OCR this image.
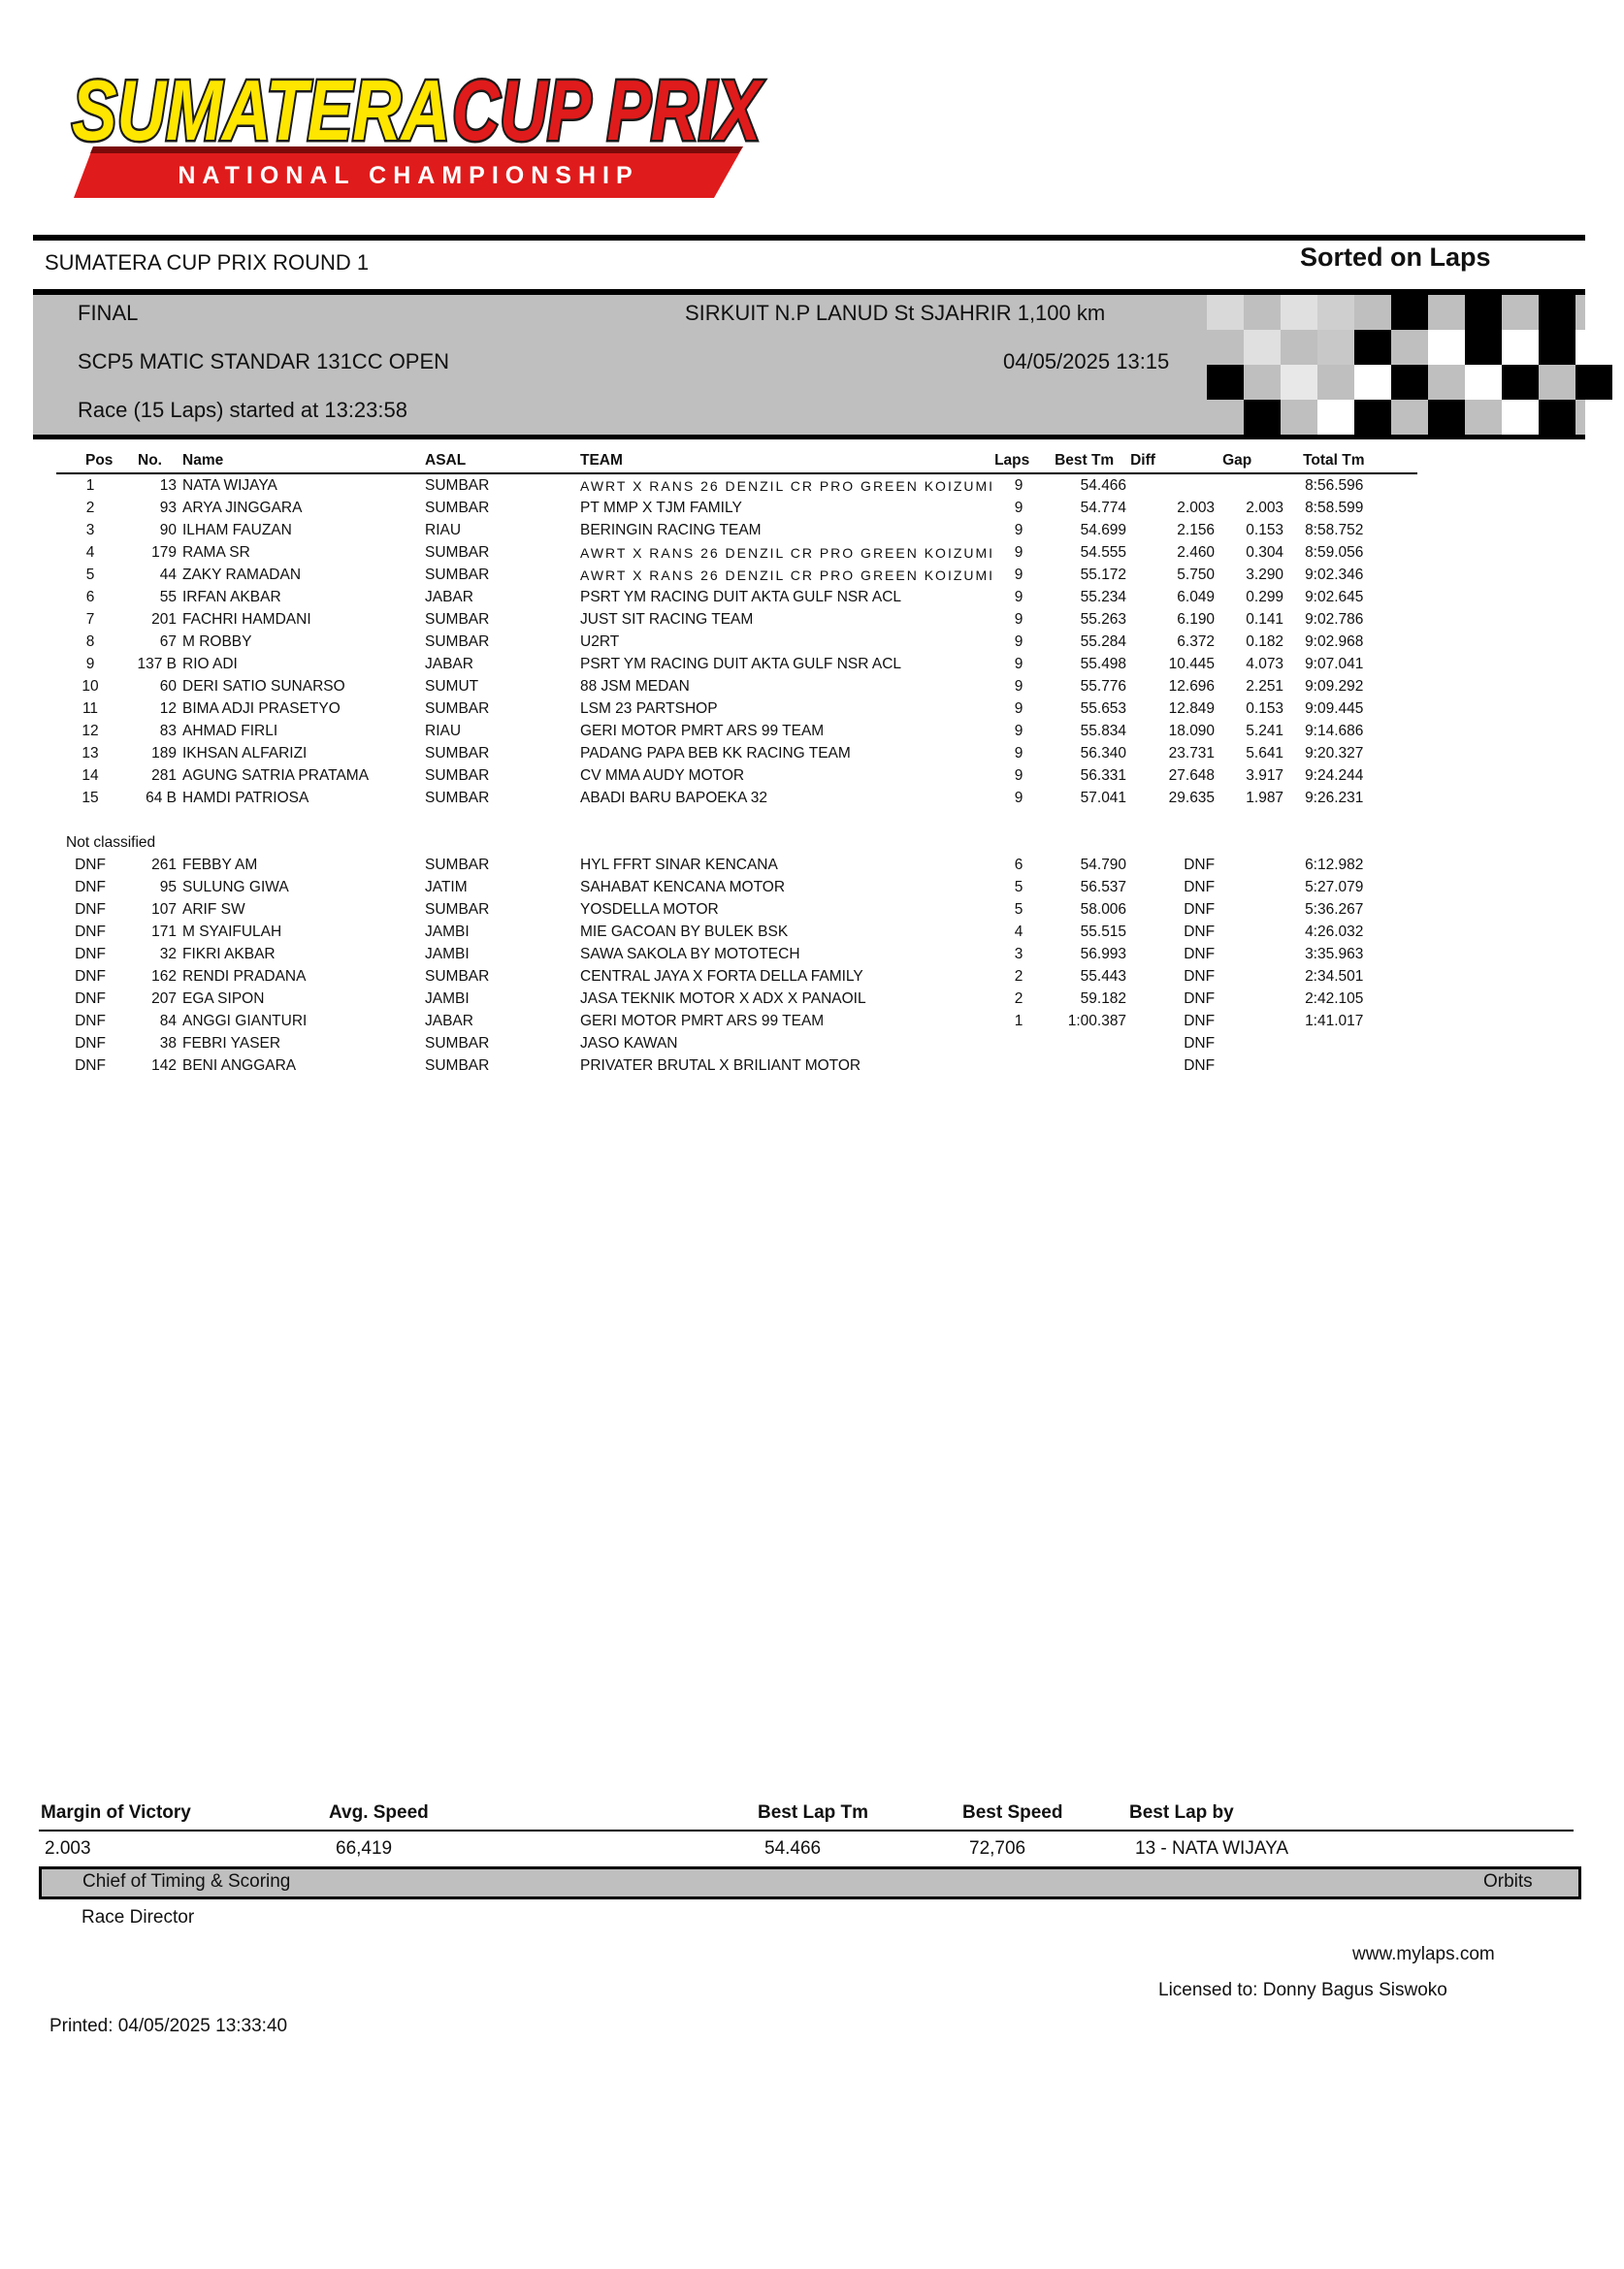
NATIONAL CHAMPIONSHIP
SUMATERA CUP PRIX
SUMATERA CUP PRIX ROUND 1	Sorted on Laps
FINAL	SIRKUIT N.P LANUD St SJAHRIR 1,100 km
SCP5 MATIC STANDAR 131CC OPEN	04/05/2025 13:15
Race (15 Laps) started at 13:23:58
Pos	No.	Name	ASAL	TEAM	Laps	Best Tm	Diff	Gap	Total Tm
1	13	NATA WIJAYA	SUMBAR	AWRT X RANS 26 DENZIL CR PRO GREEN KOIZUMI	9	54.466			8:56.596
2	93	ARYA JINGGARA	SUMBAR	PT MMP X TJM FAMILY	9	54.774	2.003	2.003	8:58.599
3	90	ILHAM FAUZAN	RIAU	BERINGIN RACING TEAM	9	54.699	2.156	0.153	8:58.752
4	179	RAMA SR	SUMBAR	AWRT X RANS 26 DENZIL CR PRO GREEN KOIZUMI	9	54.555	2.460	0.304	8:59.056
5	44	ZAKY RAMADAN	SUMBAR	AWRT X RANS 26 DENZIL CR PRO GREEN KOIZUMI	9	55.172	5.750	3.290	9:02.346
6	55	IRFAN AKBAR	JABAR	PSRT YM RACING DUIT AKTA GULF NSR ACL	9	55.234	6.049	0.299	9:02.645
7	201	FACHRI HAMDANI	SUMBAR	JUST SIT RACING TEAM	9	55.263	6.190	0.141	9:02.786
8	67	M ROBBY	SUMBAR	U2RT	9	55.284	6.372	0.182	9:02.968
9	137 B	RIO ADI	JABAR	PSRT YM RACING DUIT AKTA GULF NSR ACL	9	55.498	10.445	4.073	9:07.041
10	60	DERI SATIO SUNARSO	SUMUT	88 JSM MEDAN	9	55.776	12.696	2.251	9:09.292
11	12	BIMA ADJI PRASETYO	SUMBAR	LSM 23 PARTSHOP	9	55.653	12.849	0.153	9:09.445
12	83	AHMAD FIRLI	RIAU	GERI MOTOR PMRT ARS 99 TEAM	9	55.834	18.090	5.241	9:14.686
13	189	IKHSAN ALFARIZI	SUMBAR	PADANG PAPA BEB KK RACING TEAM	9	56.340	23.731	5.641	9:20.327
14	281	AGUNG SATRIA PRATAMA	SUMBAR	CV MMA AUDY MOTOR	9	56.331	27.648	3.917	9:24.244
15	64 B	HAMDI PATRIOSA	SUMBAR	ABADI BARU BAPOEKA 32	9	57.041	29.635	1.987	9:26.231

Not classified									
DNF	261	FEBBY AM	SUMBAR	HYL FFRT SINAR KENCANA	6	54.790	DNF		6:12.982
DNF	95	SULUNG GIWA	JATIM	SAHABAT KENCANA MOTOR	5	56.537	DNF		5:27.079
DNF	107	ARIF SW	SUMBAR	YOSDELLA MOTOR	5	58.006	DNF		5:36.267
DNF	171	M SYAIFULAH	JAMBI	MIE GACOAN BY BULEK BSK	4	55.515	DNF		4:26.032
DNF	32	FIKRI AKBAR	JAMBI	SAWA SAKOLA BY MOTOTECH	3	56.993	DNF		3:35.963
DNF	162	RENDI PRADANA	SUMBAR	CENTRAL JAYA X FORTA DELLA FAMILY	2	55.443	DNF		2:34.501
DNF	207	EGA SIPON	JAMBI	JASA TEKNIK MOTOR X ADX X PANAOIL	2	59.182	DNF		2:42.105
DNF	84	ANGGI GIANTURI	JABAR	GERI MOTOR PMRT ARS 99 TEAM	1	1:00.387	DNF		1:41.017
DNF	38	FEBRI YASER	SUMBAR	JASO KAWAN			DNF		
DNF	142	BENI ANGGARA	SUMBAR	PRIVATER BRUTAL X BRILIANT MOTOR			DNF		
Margin of Victory	Avg. Speed	Best Lap Tm	Best Speed	Best Lap by
2.003	66,419	54.466	72,706	13 - NATA WIJAYA
Chief of Timing & Scoring	Orbits
Race Director
www.mylaps.com
Licensed to: Donny Bagus Siswoko
Printed: 04/05/2025 13:33:40
